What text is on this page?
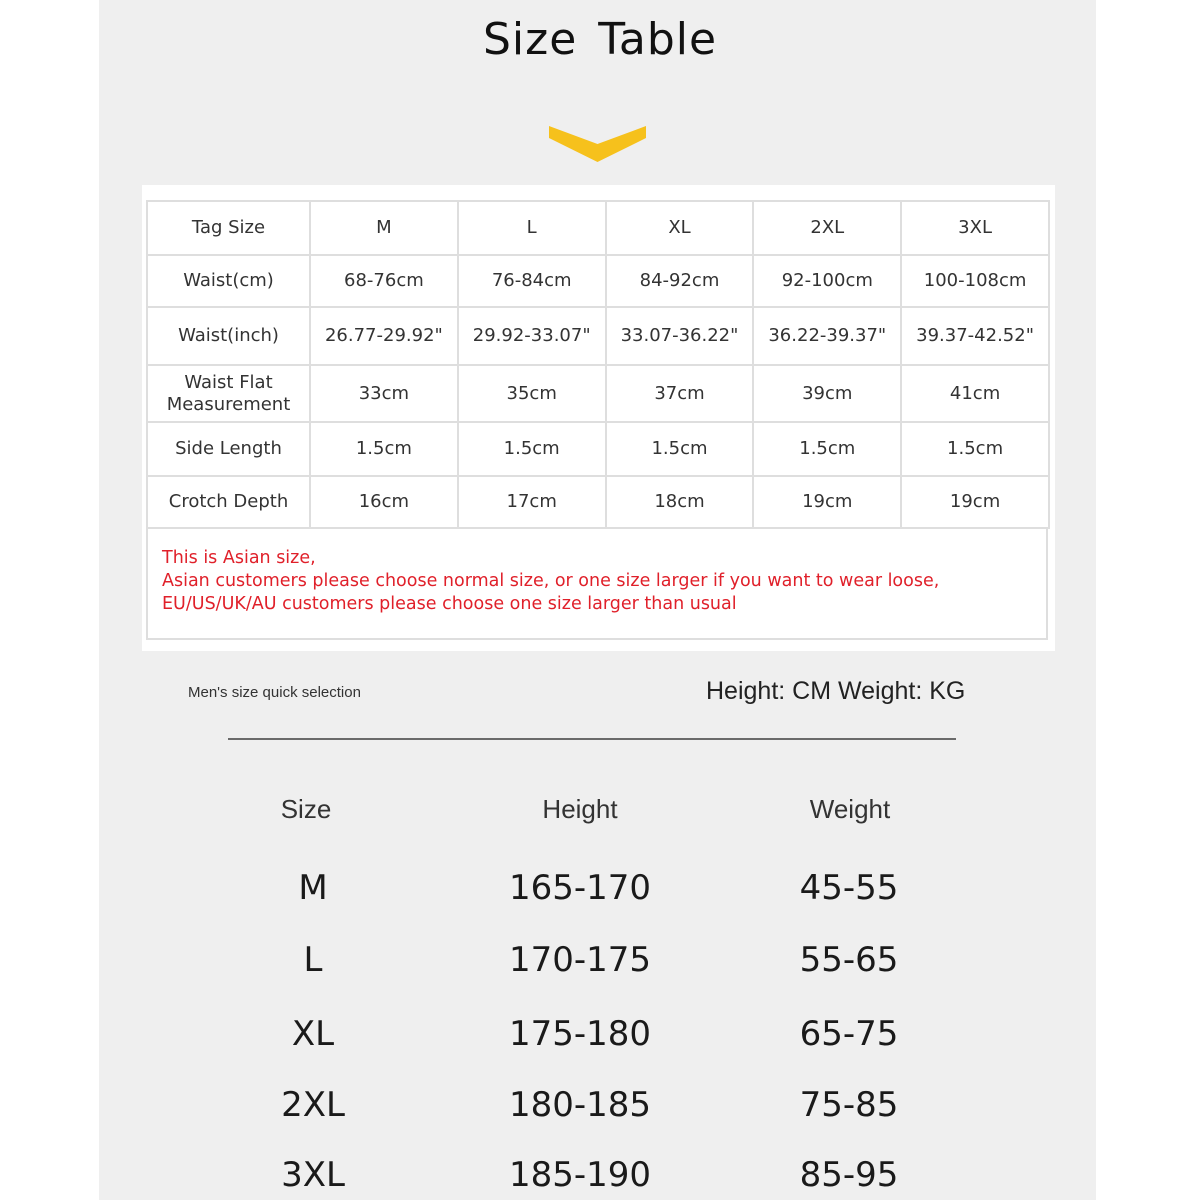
Size Table
Tag Size	M	L	XL	2XL	3XL
Waist(cm)	68-76cm	76-84cm	84-92cm	92-100cm	100-108cm
Waist(inch)	26.77-29.92"	29.92-33.07"	33.07-36.22"	36.22-39.37"	39.37-42.52"
Waist Flat Measurement	33cm	35cm	37cm	39cm	41cm
Side Length	1.5cm	1.5cm	1.5cm	1.5cm	1.5cm
Crotch Depth	16cm	17cm	18cm	19cm	19cm
This is Asian size,
Asian customers please choose normal size, or one size larger if you want to wear loose,
EU/US/UK/AU customers please choose one size larger than usual
Men's size quick selection	Height: CM Weight: KG
Size	Height	Weight
M	165-170	45-55
L	170-175	55-65
XL	175-180	65-75
2XL	180-185	75-85
3XL	185-190	85-95
